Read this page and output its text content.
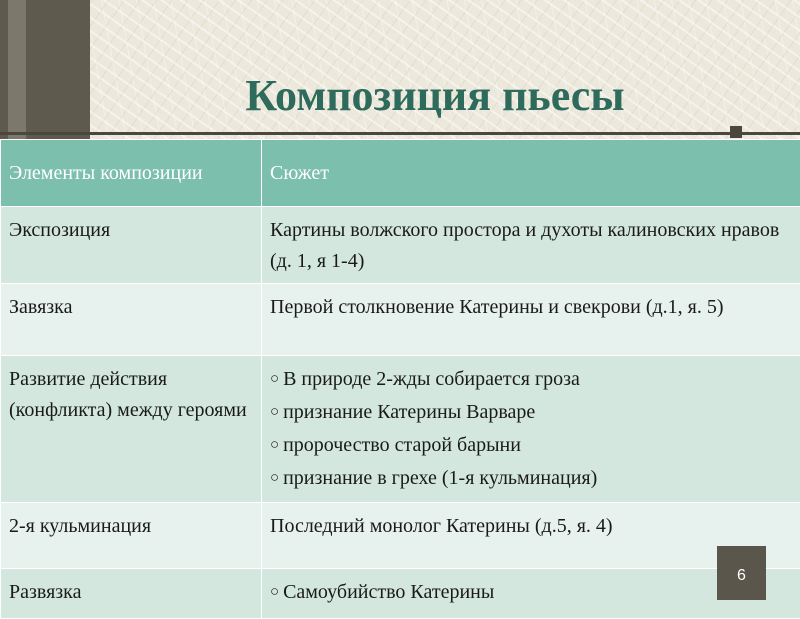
Композиция пьесы
Элементы композиции	Сюжет
Экспозиция	Картины волжского простора и духоты калиновских нравов (д. 1, я 1-4)
Завязка	Первой столкновение Катерины и свекрови (д.1, я. 5)
Развитие действия (конфликта) между героями	○ В природе 2-жды собирается гроза
○ признание Катерины Варваре
○ пророчество старой барыни
○ признание в грехе (1-я кульминация)

2-я кульминация	Последний монолог Катерины (д.5, я. 4)
Развязка	○ Самоубийство Катерины
6
